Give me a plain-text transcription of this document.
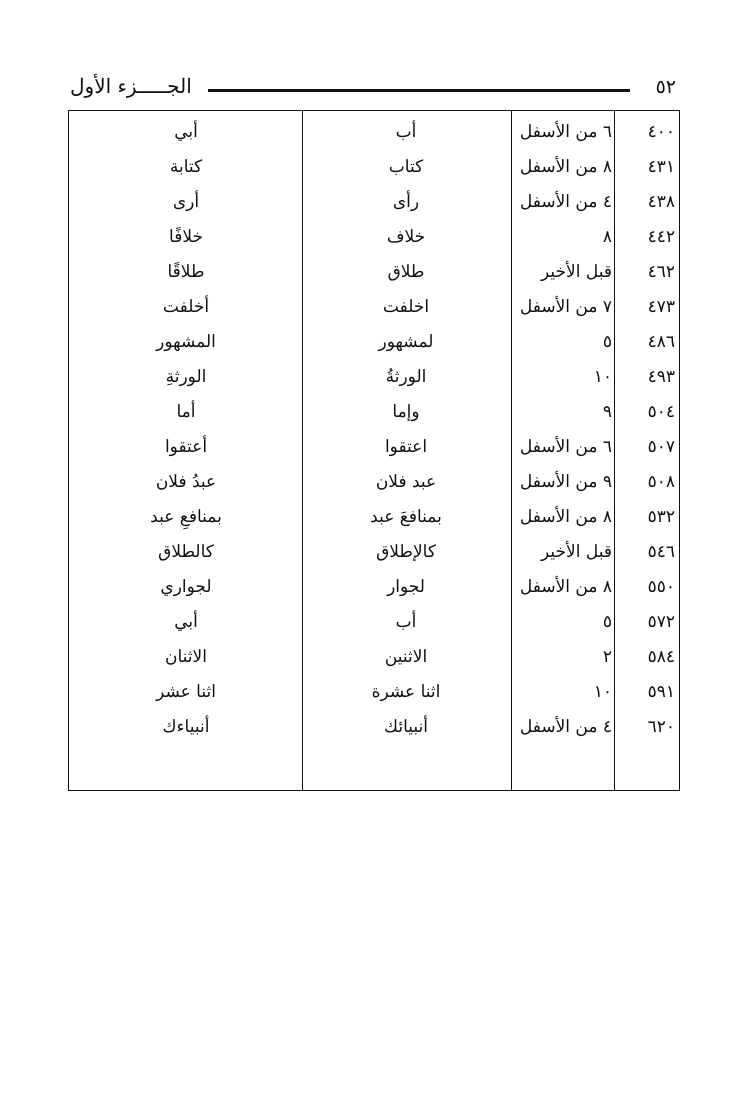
٥٢
الجـــــزء الأول
٤٠٠
٦ من الأسفل
أب
أبي
٤٣١
٨ من الأسفل
كتاب
كتابة
٤٣٨
٤ من الأسفل
رأى
أرى
٤٤٢
٨
خلاف
خلافًا
٤٦٢
قبل الأخير
طلاق
طلاقًا
٤٧٣
٧ من الأسفل
اخلفت
أخلفت
٤٨٦
٥
لمشهور
المشهور
٤٩٣
١٠
الورثةُ
الورثةِ
٥٠٤
٩
وإما
أما
٥٠٧
٦ من الأسفل
اعتقوا
أعتقوا
٥٠٨
٩ من الأسفل
عبد فلان
عبدُ فلان
٥٣٢
٨ من الأسفل
بمنافعَ عبد
بمنافعِ عبد
٥٤٦
قبل الأخير
كالإطلاق
كالطلاق
٥٥٠
٨ من الأسفل
لجوار
لجواري
٥٧٢
٥
أب
أبي
٥٨٤
٢
الاثنين
الاثنان
٥٩١
١٠
اثنا عشرة
اثنا عشر
٦٢٠
٤ من الأسفل
أنبيائك
أنبياءك
